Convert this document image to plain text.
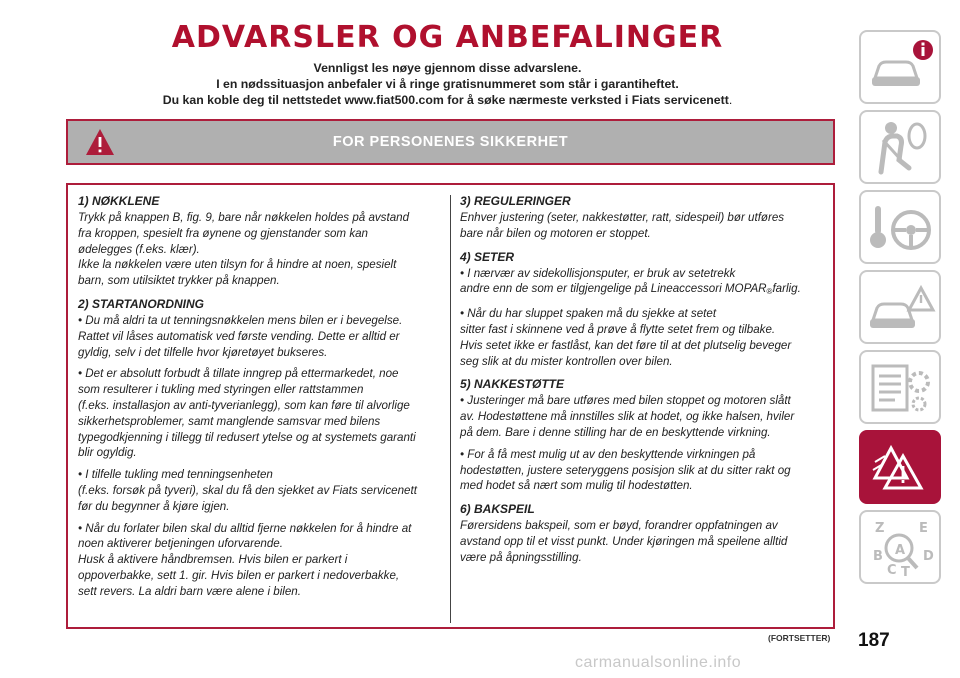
ADVARSLER OG ANBEFALINGER
Vennligst les nøye gjennom disse advarslene.
I en nødssituasjon anbefaler vi å ringe gratisnummeret som står i garantiheftet.
Du kan koble deg til nettstedet www.fiat500.com for å søke nærmeste verksted i Fiats servicenett.
FOR PERSONENES SIKKERHET
1) NØKKLENE

Trykk på knappen B, fig. 9, bare når nøkkelen holdes på avstand
fra kroppen, spesielt fra øynene og gjenstander som kan
ødelegges (f.eks. klær).
Ikke la nøkkelen være uten tilsyn for å hindre at noen, spesielt
barn, som utilsiktet trykker på knappen.

2) STARTANORDNING

• Du må aldri ta ut tenningsnøkkelen mens bilen er i bevegelse.
Rattet vil låses automatisk ved første vending. Dette er alltid er
gyldig, selv i det tilfelle hvor kjøretøyet bukseres.

• Det er absolutt forbudt å tillate inngrep på ettermarkedet, noe
som resulterer i tukling med styringen eller rattstammen
(f.eks. installasjon av anti-tyverianlegg), som kan føre til alvorlige
sikkerhetsproblemer, samt manglende samsvar med bilens
typegodkjenning i tillegg til redusert ytelse og at systemets garanti
blir ogyldig.

• I tilfelle tukling med tenningsenheten
(f.eks. forsøk på tyveri), skal du få den sjekket av Fiats servicenett
før du begynner å kjøre igjen.

• Når du forlater bilen skal du alltid fjerne nøkkelen for å hindre at
noen aktiverer betjeningen uforvarende.
Husk å aktivere håndbremsen. Hvis bilen er parkert i
oppoverbakke, sett 1. gir. Hvis bilen er parkert i nedoverbakke,
sett revers. La aldri barn være alene i bilen.

3) REGULERINGER

Enhver justering (seter, nakkestøtter, ratt, sidespeil) bør utføres
bare når bilen og motoren er stoppet.

4) SETER

• I nærvær av sidekollisjonsputer, er bruk av setetrekk
andre enn de som er tilgjengelige på Lineaccessori $MOPAR_®farlig$.

• Når du har sluppet spaken må du sjekke at setet
sitter fast i skinnene ved å prøve å flytte setet frem og tilbake.
Hvis setet ikke er fastlåst, kan det føre til at det plutselig beveger
seg slik at du mister kontrollen over bilen.

5) NAKKESTØTTE

• Justeringer må bare utføres med bilen stoppet og motoren slått
av. Hodestøttene må innstilles slik at hodet, og ikke halsen, hviler
på dem. Bare i denne stilling har de en beskyttende virkning.

• For å få mest mulig ut av den beskyttende virkningen på
hodestøtten, justere seteryggens posisjon slik at du sitter rakt og
med hodet så nært som mulig til hodestøtten.

6) BAKSPEIL

Førersidens bakspeil, som er bøyd, forandrer oppfatningen av
avstand opp til et visst punkt. Under kjøringen må speilene alltid
være på åpningsstilling.

Z	E
A
B
C
D
T
(FORTSETTER) 187
carmanualsonline.info
